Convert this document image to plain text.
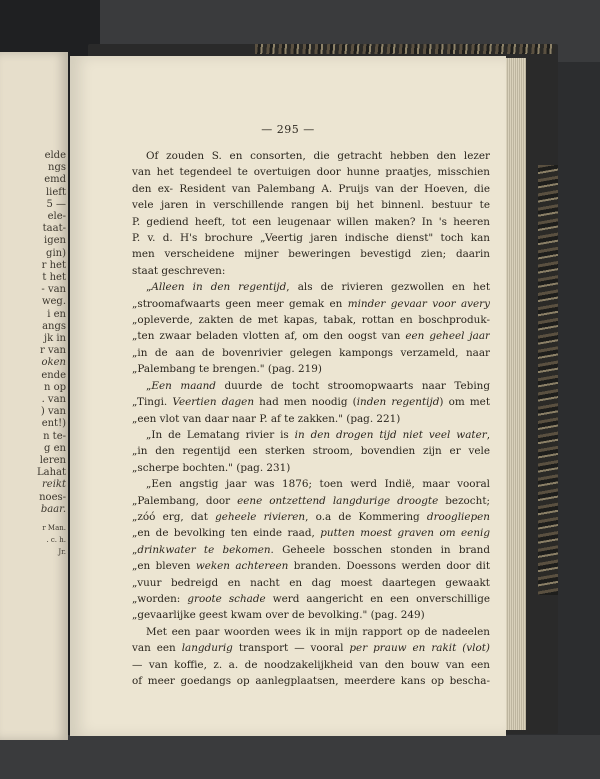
elde
ngs
emd
lieft
5 —
ele-
taat-
igen
gin)
r het
t het
- van
weg.
i en
angs
jk in
r van
oken
ende
n op
. van
) van
ent!)
n te-
g en
leren
Lahat
reikt
noes-
baar.
r Man.
. c. h.
Jr.
— 295 —
Of zouden S. en consorten, die getracht hebben den lezer
van het tegendeel te overtuigen door hunne praatjes, misschien
den ex- Resident van Palembang A. Pruijs van der Hoeven, die
vele jaren in verschillende rangen bij het binnenl. bestuur te
P. gediend heeft, tot een leugenaar willen maken? In 's heeren
P. v. d. H's brochure „Veertig jaren indische dienst" toch kan
men verscheidene mijner beweringen bevestigd zien; daarin
staat geschreven:
„Alleen in den regentijd, als de rivieren gezwollen en het
„stroomafwaarts geen meer gemak en minder gevaar voor avery
„opleverde, zakten de met kapas, tabak, rottan en boschproduk-
„ten zwaar beladen vlotten af, om den oogst van een geheel jaar
„in de aan de bovenrivier gelegen kampongs verzameld, naar
„Palembang te brengen." (pag. 219)
„Een maand duurde de tocht stroomopwaarts naar Tebing
„Tingi. Veertien dagen had men noodig (inden regentijd) om met
„een vlot van daar naar P. af te zakken." (pag. 221)
„In de Lematang rivier is in den drogen tijd niet veel water,
„in den regentijd een sterken stroom, bovendien zijn er vele
„scherpe bochten." (pag. 231)
„Een angstig jaar was 1876; toen werd Indië, maar vooral
„Palembang, door eene ontzettend langdurige droogte bezocht;
„zóó erg, dat geheele rivieren, o.a de Kommering droogliepen
„en de bevolking ten einde raad, putten moest graven om eenig
„drinkwater te bekomen. Geheele bosschen stonden in brand
„en bleven weken achtereen branden. Doessons werden door dit
„vuur bedreigd en nacht en dag moest daartegen gewaakt
„worden: groote schade werd aangericht en een onverschillige
„gevaarlijke geest kwam over de bevolking." (pag. 249)
Met een paar woorden wees ik in mijn rapport op de nadeelen
van een langdurig transport — vooral per prauw en rakit (vlot)
— van koffie, z. a. de noodzakelijkheid van den bouw van een
of meer goedangs op aanlegplaatsen, meerdere kans op bescha-
